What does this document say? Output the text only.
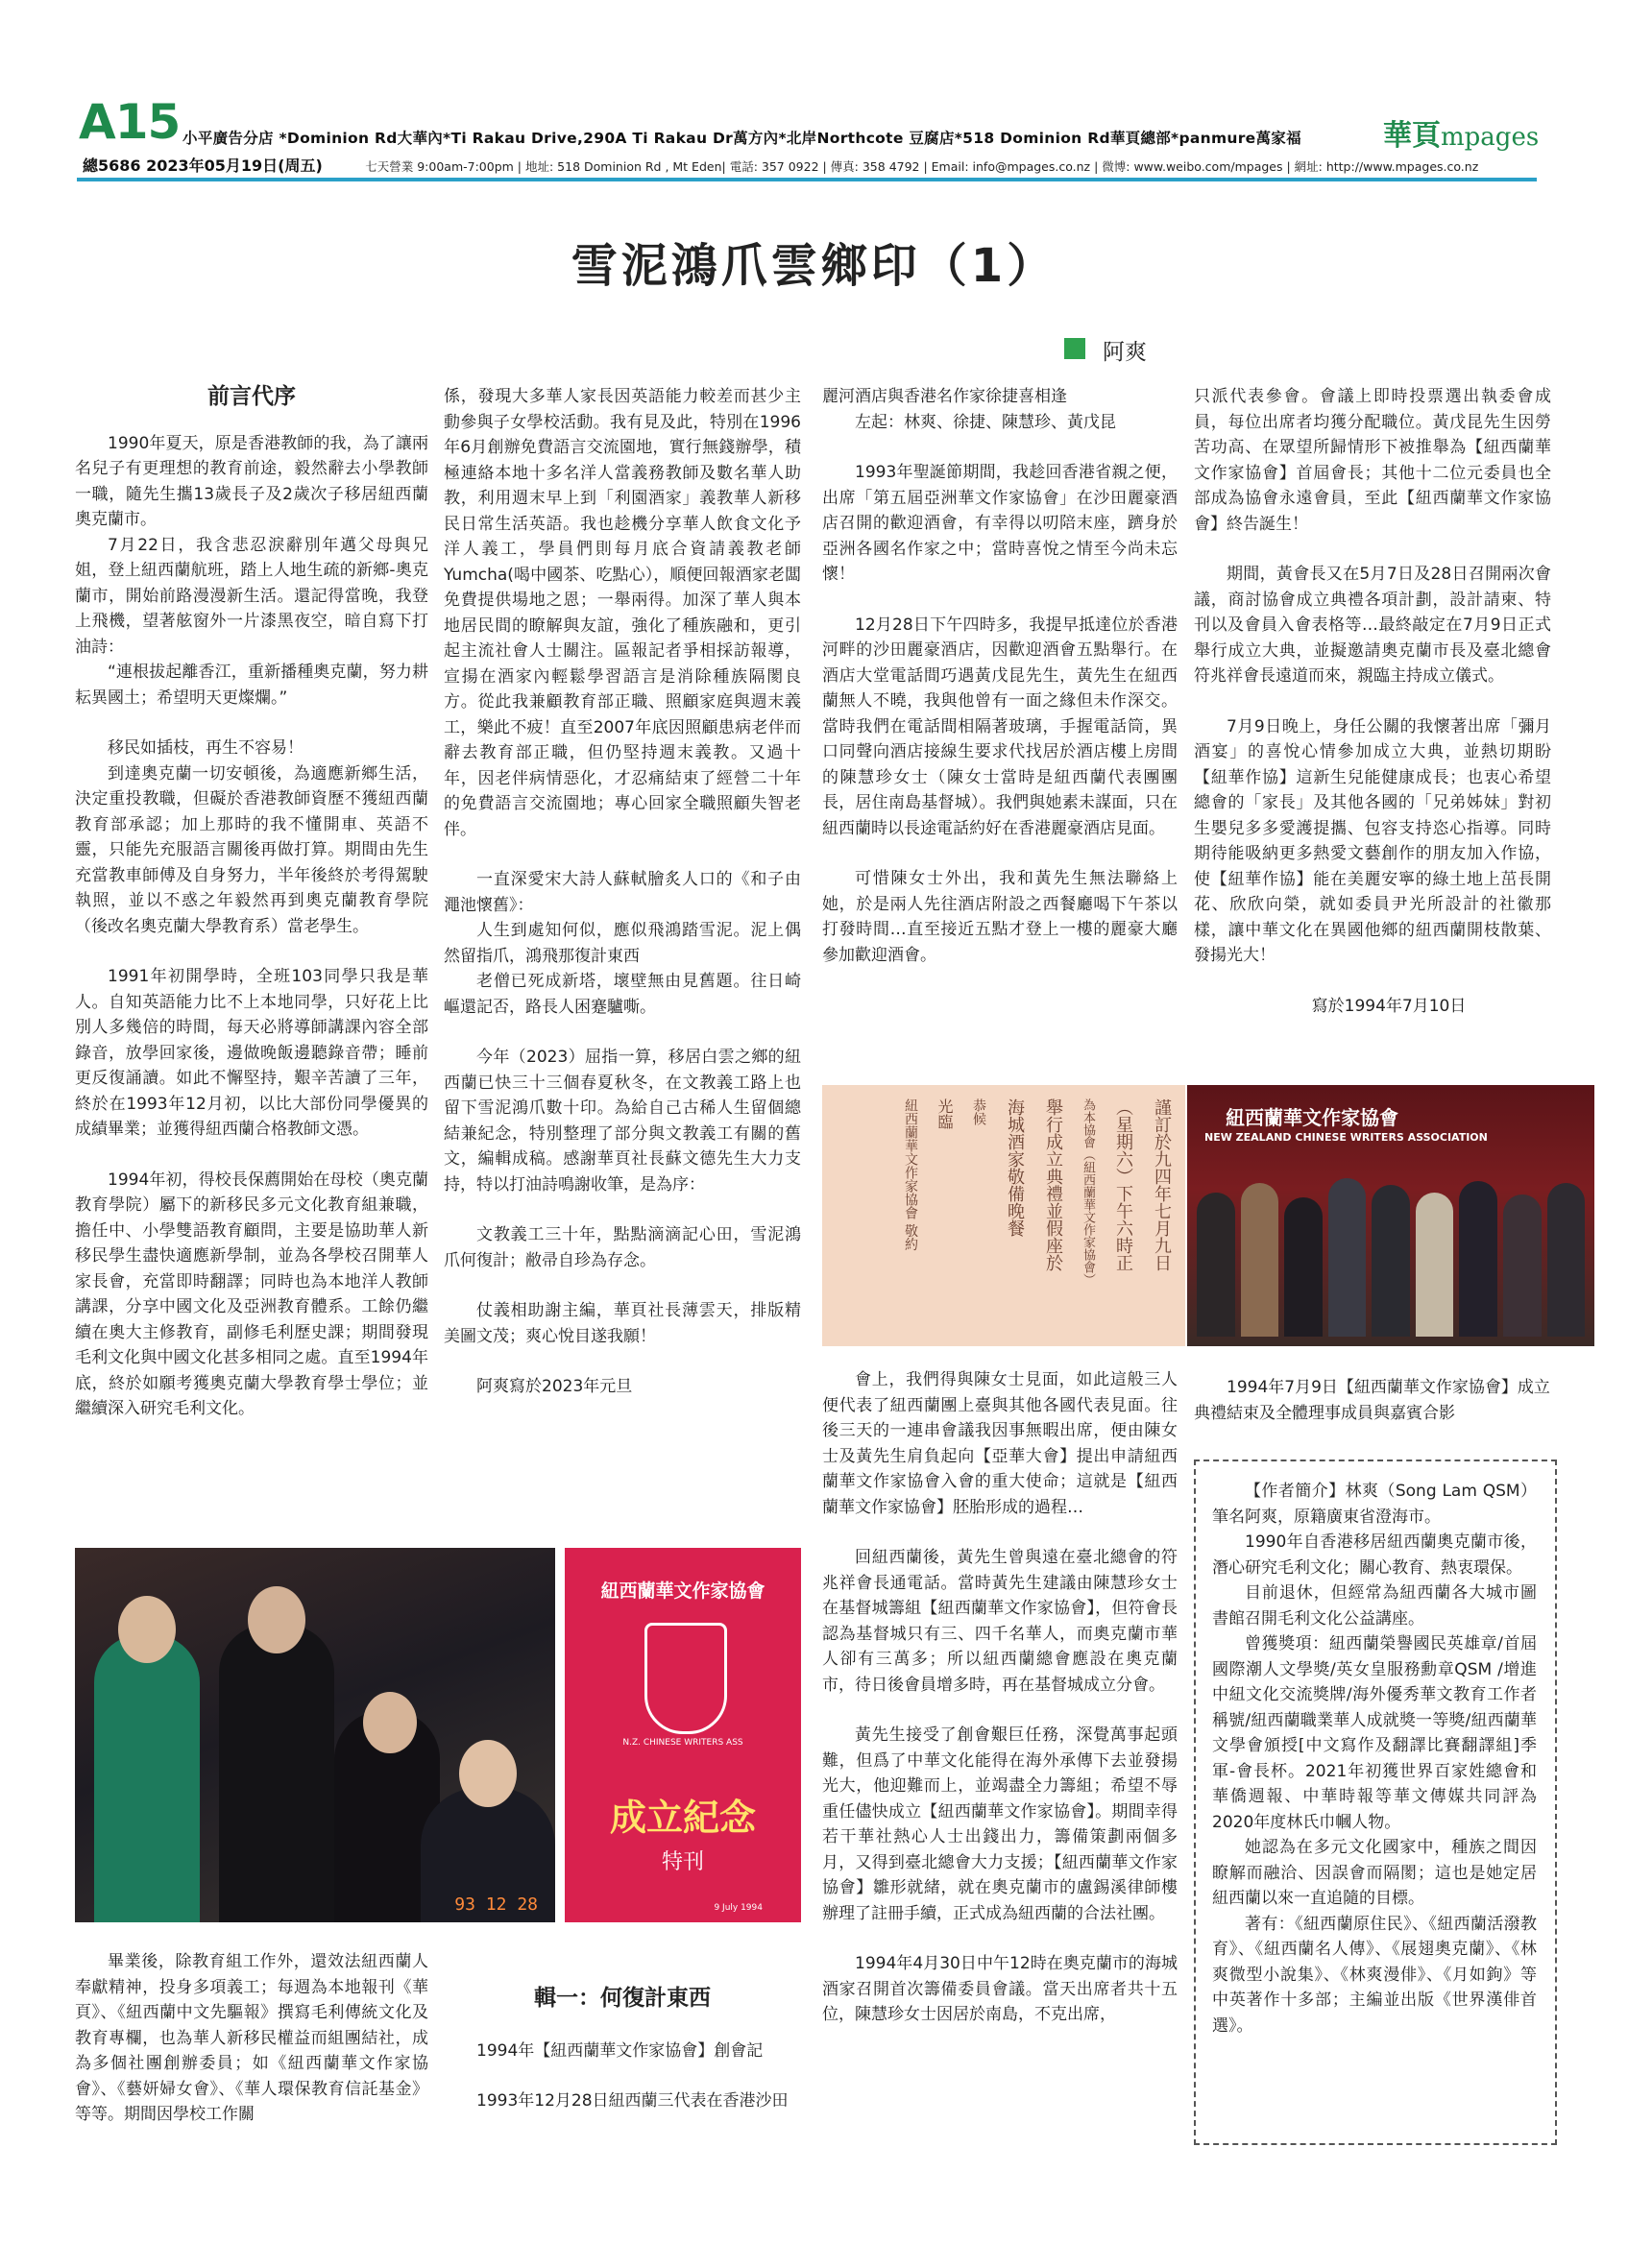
A15 小平廣告分店 *Dominion Rd大華內*Ti Rakau Drive,290A Ti Rakau Dr萬方內*北岸Northcote 豆腐店*518 Dominion Rd華頁總部*panmure萬家福
總5686 2023年05月19日(周五)	七天營業 9:00am-7:00pm | 地址: 518 Dominion Rd , Mt Eden| 電話: 357 0922 | 傳真: 358 4792 | Email: info@mpages.co.nz | 微博: www.weibo.com/mpages | 網址: http://www.mpages.co.nz
華頁mpages
雪泥鴻爪雲鄉印（1）
阿爽
前言代序

1990年夏天，原是香港教師的我，為了讓兩名兒子有更理想的教育前途，毅然辭去小學教師一職，隨先生攜13歲長子及2歲次子移居紐西蘭奧克蘭市。

7月22日，我含悲忍淚辭別年邁父母與兄姐，登上紐西蘭航班，踏上人地生疏的新鄉-奧克蘭市，開始前路漫漫新生活。還記得當晚，我登上飛機，望著舷窗外一片漆黑夜空，暗自寫下打油詩：

“連根拔起離香江，重新播種奧克蘭，努力耕耘異國土；希望明天更燦爛。”

移民如插枝，再生不容易！

到達奧克蘭一切安頓後，為適應新鄉生活，決定重投教職，但礙於香港教師資歷不獲紐西蘭教育部承認；加上那時的我不懂開車、英語不靈，只能先充服語言關後再做打算。期間由先生充當教車師傅及自身努力，半年後終於考得駕駛執照，並以不惑之年毅然再到奧克蘭教育學院（後改名奧克蘭大學教育系）當老學生。

1991年初開學時，全班103同學只我是華人。自知英語能力比不上本地同學，只好花上比別人多幾倍的時間，每天必將導師講課內容全部錄音，放學回家後，邊做晚飯邊聽錄音帶；睡前更反復誦讀。如此不懈堅持，艱辛苦讀了三年，終於在1993年12月初，以比大部份同學優異的成績畢業；並獲得紐西蘭合格教師文憑。

1994年初，得校長保薦開始在母校（奧克蘭教育學院）屬下的新移民多元文化教育組兼職，擔任中、小學雙語教育顧問，主要是協助華人新移民學生盡快適應新學制，並為各學校召開華人家長會，充當即時翻譯；同時也為本地洋人教師講課，分享中國文化及亞洲教育體系。工餘仍繼續在奧大主修教育，副修毛利歷史課；期間發現毛利文化與中國文化甚多相同之處。直至1994年底，終於如願考獲奧克蘭大學教育學士學位；並繼續深入研究毛利文化。

係，發現大多華人家長因英語能力較差而甚少主動參與子女學校活動。我有見及此，特別在1996年6月創辦免費語言交流園地，實行無錢辦學，積極連絡本地十多名洋人當義務教師及數名華人助教，利用週末早上到「利園酒家」義教華人新移民日常生活英語。我也趁機分享華人飲食文化予洋人義工，學員們則每月底合資請義教老師Yumcha(喝中國茶、吃點心），順便回報酒家老闆免費提供場地之恩；一舉兩得。加深了華人與本地居民間的瞭解與友誼，強化了種族融和，更引起主流社會人士關注。區報記者爭相採訪報導，宣揚在酒家內輕鬆學習語言是消除種族隔閡良方。從此我兼顧教育部正職、照顧家庭與週末義工，樂此不疲！直至2007年底因照顧患病老伴而辭去教育部正職，但仍堅持週末義教。又過十年，因老伴病情惡化，才忍痛結束了經營二十年的免費語言交流園地；專心回家全職照顧失智老伴。

一直深愛宋大詩人蘇軾膾炙人口的《和子由澠池懷舊》：

人生到處知何似，應似飛鴻踏雪泥。泥上偶然留指爪，鴻飛那復計東西

老僧已死成新塔，壞壁無由見舊題。往日崎嶇還記否，路長人困蹇驢嘶。

今年（2023）屈指一算，移居白雲之鄉的紐西蘭已快三十三個春夏秋冬，在文教義工路上也留下雪泥鴻爪數十印。為給自己古稀人生留個總結兼紀念，特別整理了部分與文教義工有關的舊文，編輯成稿。感謝華頁社長蘇文德先生大力支持，特以打油詩鳴謝收筆，是為序：

文教義工三十年，點點滴滴記心田，雪泥鴻爪何復計；敝帚自珍為存念。

仗義相助謝主編，華頁社長薄雲天，排版精美圖文茂；爽心悅目遂我願！

阿爽寫於2023年元旦

麗河酒店與香港名作家徐捷喜相逢

左起：林爽、徐捷、陳慧珍、黃戊昆

1993年聖誕節期間，我趁回香港省親之便，出席「第五屆亞洲華文作家協會」在沙田麗豪酒店召開的歡迎酒會，有幸得以叨陪末座，躋身於亞洲各國名作家之中；當時喜悅之情至今尚未忘懷！

12月28日下午四時多，我提早抵達位於香港河畔的沙田麗豪酒店，因歡迎酒會五點舉行。在酒店大堂電話間巧遇黃戊昆先生，黃先生在紐西蘭無人不曉，我與他曾有一面之緣但未作深交。當時我們在電話間相隔著玻璃，手握電話筒，異口同聲向酒店接線生要求代找居於酒店樓上房間的陳慧珍女士（陳女士當時是紐西蘭代表團團長，居住南島基督城）。我們與她素未謀面，只在紐西蘭時以長途電話約好在香港麗豪酒店見面。

可惜陳女士外出，我和黃先生無法聯絡上她，於是兩人先往酒店附設之西餐廳喝下午茶以打發時間…直至接近五點才登上一樓的麗豪大廳參加歡迎酒會。

只派代表參會。會議上即時投票選出執委會成員，每位出席者均獲分配職位。黃戊昆先生因勞苦功高、在眾望所歸情形下被推舉為【紐西蘭華文作家協會】首屆會長；其他十二位元委員也全部成為協會永遠會員，至此【紐西蘭華文作家協會】終告誕生！

期間，黃會長又在5月7日及28日召開兩次會議，商討協會成立典禮各項計劃，設計請柬、特刊以及會員入會表格等…最終敲定在7月9日正式舉行成立大典，並擬邀請奧克蘭市長及臺北總會符兆祥會長遠道而來，親臨主持成立儀式。

7月9日晚上，身任公關的我懷著出席「彌月酒宴」的喜悅心情參加成立大典，並熱切期盼【紐華作協】這新生兒能健康成長；也衷心希望總會的「家長」及其他各國的「兄弟姊妹」對初生嬰兒多多愛護提攜、包容支持恣心指導。同時期待能吸納更多熱愛文藝創作的朋友加入作協，使【紐華作協】能在美麗安寧的綠土地上茁長開花、欣欣向榮，就如委員尹光所設計的社徽那樣，讓中華文化在異國他鄉的紐西蘭開枝散葉、發揚光大！

寫於1994年7月10日

謹訂於九四年七月九日
（星期六）下午六時正
為本協會（紐西蘭華文作家協會）
舉行成立典禮並假座於
海城酒家敬備晚餐
恭候
光臨
紐西蘭華文作家協會 敬約	紐西蘭華文作家協會
NEW ZEALAND CHINESE WRITERS ASSOCIATION

會上，我們得與陳女士見面，如此這般三人便代表了紐西蘭團上臺與其他各國代表見面。往後三天的一連串會議我因事無暇出席，便由陳女士及黃先生肩負起向【亞華大會】提出申請紐西蘭華文作家協會入會的重大使命；這就是【紐西蘭華文作家協會】胚胎形成的過程…

回紐西蘭後，黃先生曾與遠在臺北總會的符兆祥會長通電話。當時黃先生建議由陳慧珍女士在基督城籌組【紐西蘭華文作家協會】，但符會長認為基督城只有三、四千名華人，而奧克蘭市華人卻有三萬多；所以紐西蘭總會應設在奧克蘭市，待日後會員增多時，再在基督城成立分會。

黃先生接受了創會艱巨任務，深覺萬事起頭難，但爲了中華文化能得在海外承傳下去並發揚光大，他迎難而上，並竭盡全力籌組；希望不辱重任儘快成立【紐西蘭華文作家協會】。期間幸得若干華社熱心人士出錢出力，籌備策劃兩個多月，又得到臺北總會大力支援；【紐西蘭華文作家協會】雛形就緒，就在奧克蘭市的盧錫溪律師樓辦理了註冊手續，正式成為紐西蘭的合法社團。

1994年4月30日中午12時在奧克蘭市的海城酒家召開首次籌備委員會議。當天出席者共十五位，陳慧珍女士因居於南島，不克出席，

1994年7月9日【紐西蘭華文作家協會】成立典禮結束及全體理事成員與嘉賓合影

【作者簡介】林爽（Song Lam QSM）筆名阿爽，原籍廣東省澄海市。

1990年自香港移居紐西蘭奧克蘭市後，潛心研究毛利文化；關心教育、熱衷環保。

目前退休，但經常為紐西蘭各大城市圖書館召開毛利文化公益講座。

曾獲獎項：紐西蘭榮譽國民英雄章/首屆國際潮人文學獎/英女皇服務勳章QSM /增進中紐文化交流獎牌/海外優秀華文教育工作者稱號/紐西蘭職業華人成就獎一等獎/紐西蘭華文學會頒授[中文寫作及翻譯比賽翻譯組]季軍-會長杯。2021年初獲世界百家姓總會和華僑週報、中華時報等華文傳媒共同評為2020年度林氏巾幗人物。

她認為在多元文化國家中，種族之間因瞭解而融洽、因誤會而隔閡；這也是她定居紐西蘭以來一直追隨的目標。

著有：《紐西蘭原住民》、《紐西蘭活潑教育》、《紐西蘭名人傳》、《展翅奧克蘭》、《林爽微型小說集》、《林爽漫俳》、《月如鉤》等中英著作十多部；主編並出版《世界漢俳首選》。

93 12 28
紐西蘭華文作家協會
N.Z. CHINESE WRITERS ASS
成立紀念
特刊
9 July 1994

畢業後，除教育組工作外，還效法紐西蘭人奉獻精神，投身多項義工；每週為本地報刊《華頁》、《紐西蘭中文先驅報》撰寫毛利傳統文化及教育專欄，也為華人新移民權益而組團結社，成為多個社團創辦委員；如《紐西蘭華文作家協會》、《藝妍婦女會》、《華人環保教育信託基金》等等。期間因學校工作關

輯一：何復計東西

1994年【紐西蘭華文作家協會】創會記

1993年12月28日紐西蘭三代表在香港沙田
